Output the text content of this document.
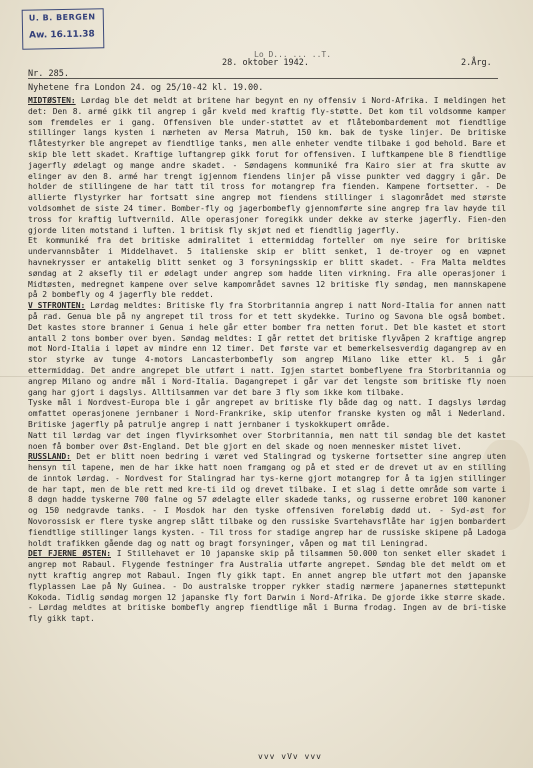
U. B. BERGEN
Aw. 16.11.38
Lo D... ... ..T.
28. oktober 1942.	2.Årg.
Nr. 285.
Nyhetene fra London 24. og 25/10-42 kl. 19.00.

MIDTØSTEN: Lørdag ble det meldt at britene har begynt en ny offensiv i Nord-Afrika. I meldingen het det: Den 8. armé gikk til angrep i går kveld med kraftig fly-støtte. Det kom til voldsomme kamper som fremdeles er i gang. Offensiven ble under-støttet av et flåtebombardement mot fiendtlige stillinger langs kysten i nærheten av Mersa Matruh, 150 km. bak de tyske linjer. De britiske flåtestyrker ble angrepet av fiendtlige tanks, men alle enheter vendte tilbake i god behold. Bare et skip ble lett skadet. Kraftige luftangrep gikk forut for offensiven. I luftkampene ble 8 fiendtlige jagerfly ødelagt og mange andre skadet. - Søndagens kommuniké fra Kairo sier at fra skutte av elinger av den 8. armé har trengt igjennom fiendens linjer på visse punkter ved daggry i går. De holder de stillingene de har tatt til tross for motangrep fra fienden. Kampene fortsetter. - De allierte flystyrker har fortsatt sine angrep mot fiendens stillinger i slagområdet med største voldsomhet de siste 24 timer. Bomber-fly og jagerbombefly gjennomførte sine angrep fra lav høyde til tross for kraftig luftvernild. Alle operasjoner foregikk under dekke av sterke jagerfly. Fien-den gjorde liten motstand i luften. 1 britisk fly skjøt ned et fiendtlig jagerfly.

Et kommuniké fra det britiske admiralitet i ettermiddag forteller om nye seire for britiske undervannsbåter i Middelhavet. 5 italienske skip er blitt senket, 1 de-troyer og en væpnet havnekrysser er antakelig blitt senket og 3 forsyningsskip er blitt skadet. - Fra Malta meldtes søndag at 2 aksefly til er ødelagt under angrep som hadde liten virkning. Fra alle operasjoner i Midtøsten, medregnet kampene over selve kampområdet savnes 12 britiske fly søndag, men mannskapene på 2 bombefly og 4 jagerfly ble reddet.

V STFRONTEN: Lørdag meldtes: Britiske fly fra Storbritannia angrep i natt Nord-Italia for annen natt på rad. Genua ble på ny angrepet til tross for et tett skydekke. Turino og Savona ble også bombet. Det kastes store branner i Genua i hele går etter bomber fra netten forut. Det ble kastet et stort antall 2 tons bomber over byen. Søndag meldtes: I går rettet det britiske flyvåpen 2 kraftige angrep mot Nord-Italia i løpet av mindre enn 12 timer. Det første var et bemerkelsesverdig dagangrep av en stor styrke av tunge 4-motors Lancasterbombefly som angrep Milano like etter kl. 5 i går ettermiddag. Det andre angrepet ble utført i natt. Igjen startet bombeflyene fra Storbritannia og angrep Milano og andre mål i Nord-Italia. Dagangrepet i går var det lengste som britiske fly noen gang har gjort i dagslys. Alltilsammen var det bare 3 fly som ikke kom tilbake.

Tyske mål i Nordvest-Europa ble i går angrepet av britiske fly både dag og natt. I dagslys lørdag omfattet operasjonene jernbaner i Nord-Frankrike, skip utenfor franske kysten og mål i Nederland. Britiske jagerfly på patrulje angrep i natt jernbaner i tyskokkupert område.

Natt til lørdag var det ingen flyvirksomhet over Storbritannia, men natt til søndag ble det kastet noen få bomber over Øst-England. Det ble gjort en del skade og noen mennesker mistet livet.

RUSSLAND: Det er blitt noen bedring i været ved Stalingrad og tyskerne fortsetter sine angrep uten hensyn til tapene, men de har ikke hatt noen framgang og på et sted er de drevet ut av en stilling de inntok lørdag. - Nordvest for Stalingrad har tys-kerne gjort motangrep for å ta igjen stillinger de har tapt, men de ble rett med kre-ti ild og drevet tilbake. I et slag i dette område som varte i 8 døgn hadde tyskerne 700 falne og 57 ødelagte eller skadede tanks, og russerne erobret 100 kanoner og 150 nedgravde tanks. - I Mosdok har den tyske offensiven foreløbig dødd ut. - Syd-øst for Novorossisk er flere tyske angrep slått tilbake og den russiske Svartehavsflåte har igjen bombardert fiendtlige stillinger langs kysten. - Til tross for stadige angrep har de russiske skipene på Ladoga holdt trafikken gående dag og natt og bragt forsyninger, våpen og mat til Leningrad.

DET FJERNE ØSTEN: I Stillehavet er 10 japanske skip på tilsammen 50.000 ton senket eller skadet i angrep mot Rabaul. Flygende festninger fra Australia utførte angrepet. Søndag ble det meldt om et nytt kraftig angrep mot Rabaul. Ingen fly gikk tapt. En annet angrep ble utført mot den japanske flyplassen Lae på Ny Guinea. - Do australske tropper rykker stadig nærmere japanernes støttepunkt Kokoda. Tidlig søndag morgen 12 japanske fly fort Darwin i Nord-Afrika. De gjorde ikke større skade. - Lørdag meldtes at britiske bombefly angrep fiendtlige mål i Burma frodag. Ingen av de bri-tiske fly gikk tapt.

vvv vVv vvv
